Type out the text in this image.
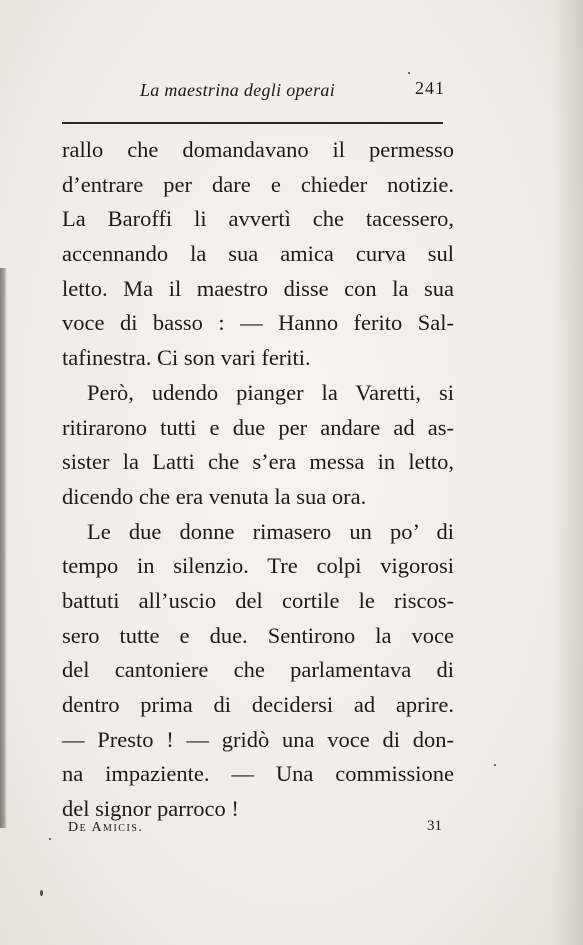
La maestrina degli operai	241
rallo che domandavano il permesso
d’entrare per dare e chieder notizie.
La Baroffi li avvertì che tacessero,
accennando la sua amica curva sul
letto. Ma il maestro disse con la sua
voce di basso : — Hanno ferito Sal-
tafinestra. Ci son vari feriti.
Però, udendo pianger la Varetti, si
ritirarono tutti e due per andare ad as-
sister la Latti che s’era messa in letto,
dicendo che era venuta la sua ora.
Le due donne rimasero un po’ di
tempo in silenzio. Tre colpi vigorosi
battuti all’uscio del cortile le riscos-
sero tutte e due. Sentirono la voce
del cantoniere che parlamentava di
dentro prima di decidersi ad aprire.
— Presto ! — gridò una voce di don-
na impaziente. — Una commissione
del signor parroco !
De Amicis.	31
